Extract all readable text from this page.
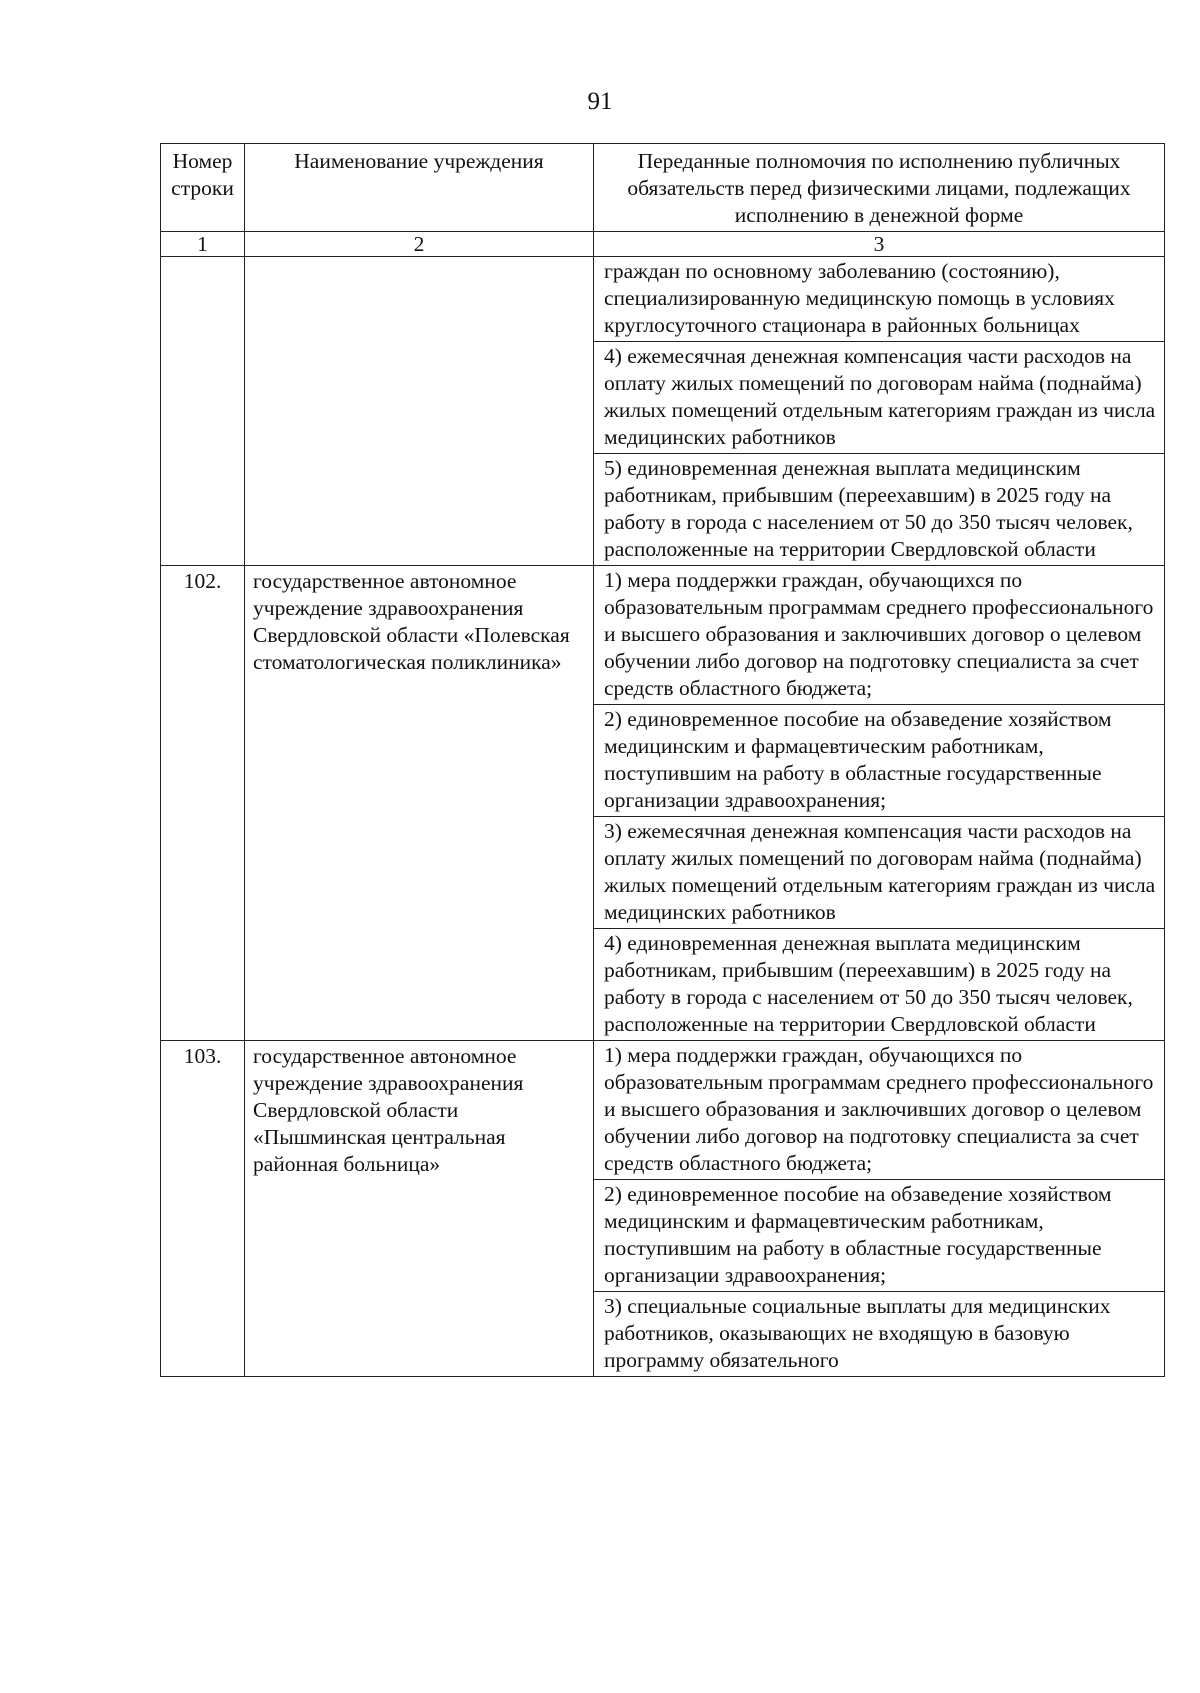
91
Номер строки	Наименование учреждения	Переданные полномочия по исполнению публичных обязательств перед физическими лицами, подлежащих исполнению в денежной форме
1	2	3
		граждан по основному заболеванию (состоянию), специализированную медицинскую помощь в условиях круглосуточного стационара в районных больницах
		4) ежемесячная денежная компенсация части расходов на оплату жилых помещений по договорам найма (поднайма) жилых помещений отдельным категориям граждан из числа медицинских работников
		5) единовременная денежная выплата медицинским работникам, прибывшим (переехавшим) в 2025 году на работу в города с населением от 50 до 350 тысяч человек, расположенные на территории Свердловской области
102.	государственное автономное учреждение здравоохранения Свердловской области «Полевская стоматологическая поликлиника»	1) мера поддержки граждан, обучающихся по образовательным программам среднего профессионального и высшего образования и заключивших договор о целевом обучении либо договор на подготовку специалиста за счет средств областного бюджета;
		2) единовременное пособие на обзаведение хозяйством медицинским и фармацевтическим работникам, поступившим на работу в областные государственные организации здравоохранения;
		3) ежемесячная денежная компенсация части расходов на оплату жилых помещений по договорам найма (поднайма) жилых помещений отдельным категориям граждан из числа медицинских работников
		4) единовременная денежная выплата медицинским работникам, прибывшим (переехавшим) в 2025 году на работу в города с населением от 50 до 350 тысяч человек, расположенные на территории Свердловской области
103.	государственное автономное учреждение здравоохранения Свердловской области «Пышминская центральная районная больница»	1) мера поддержки граждан, обучающихся по образовательным программам среднего профессионального и высшего образования и заключивших договор о целевом обучении либо договор на подготовку специалиста за счет средств областного бюджета;
		2) единовременное пособие на обзаведение хозяйством медицинским и фармацевтическим работникам, поступившим на работу в областные государственные организации здравоохранения;
		3) специальные социальные выплаты для медицинских работников, оказывающих не входящую в базовую программу обязательного
